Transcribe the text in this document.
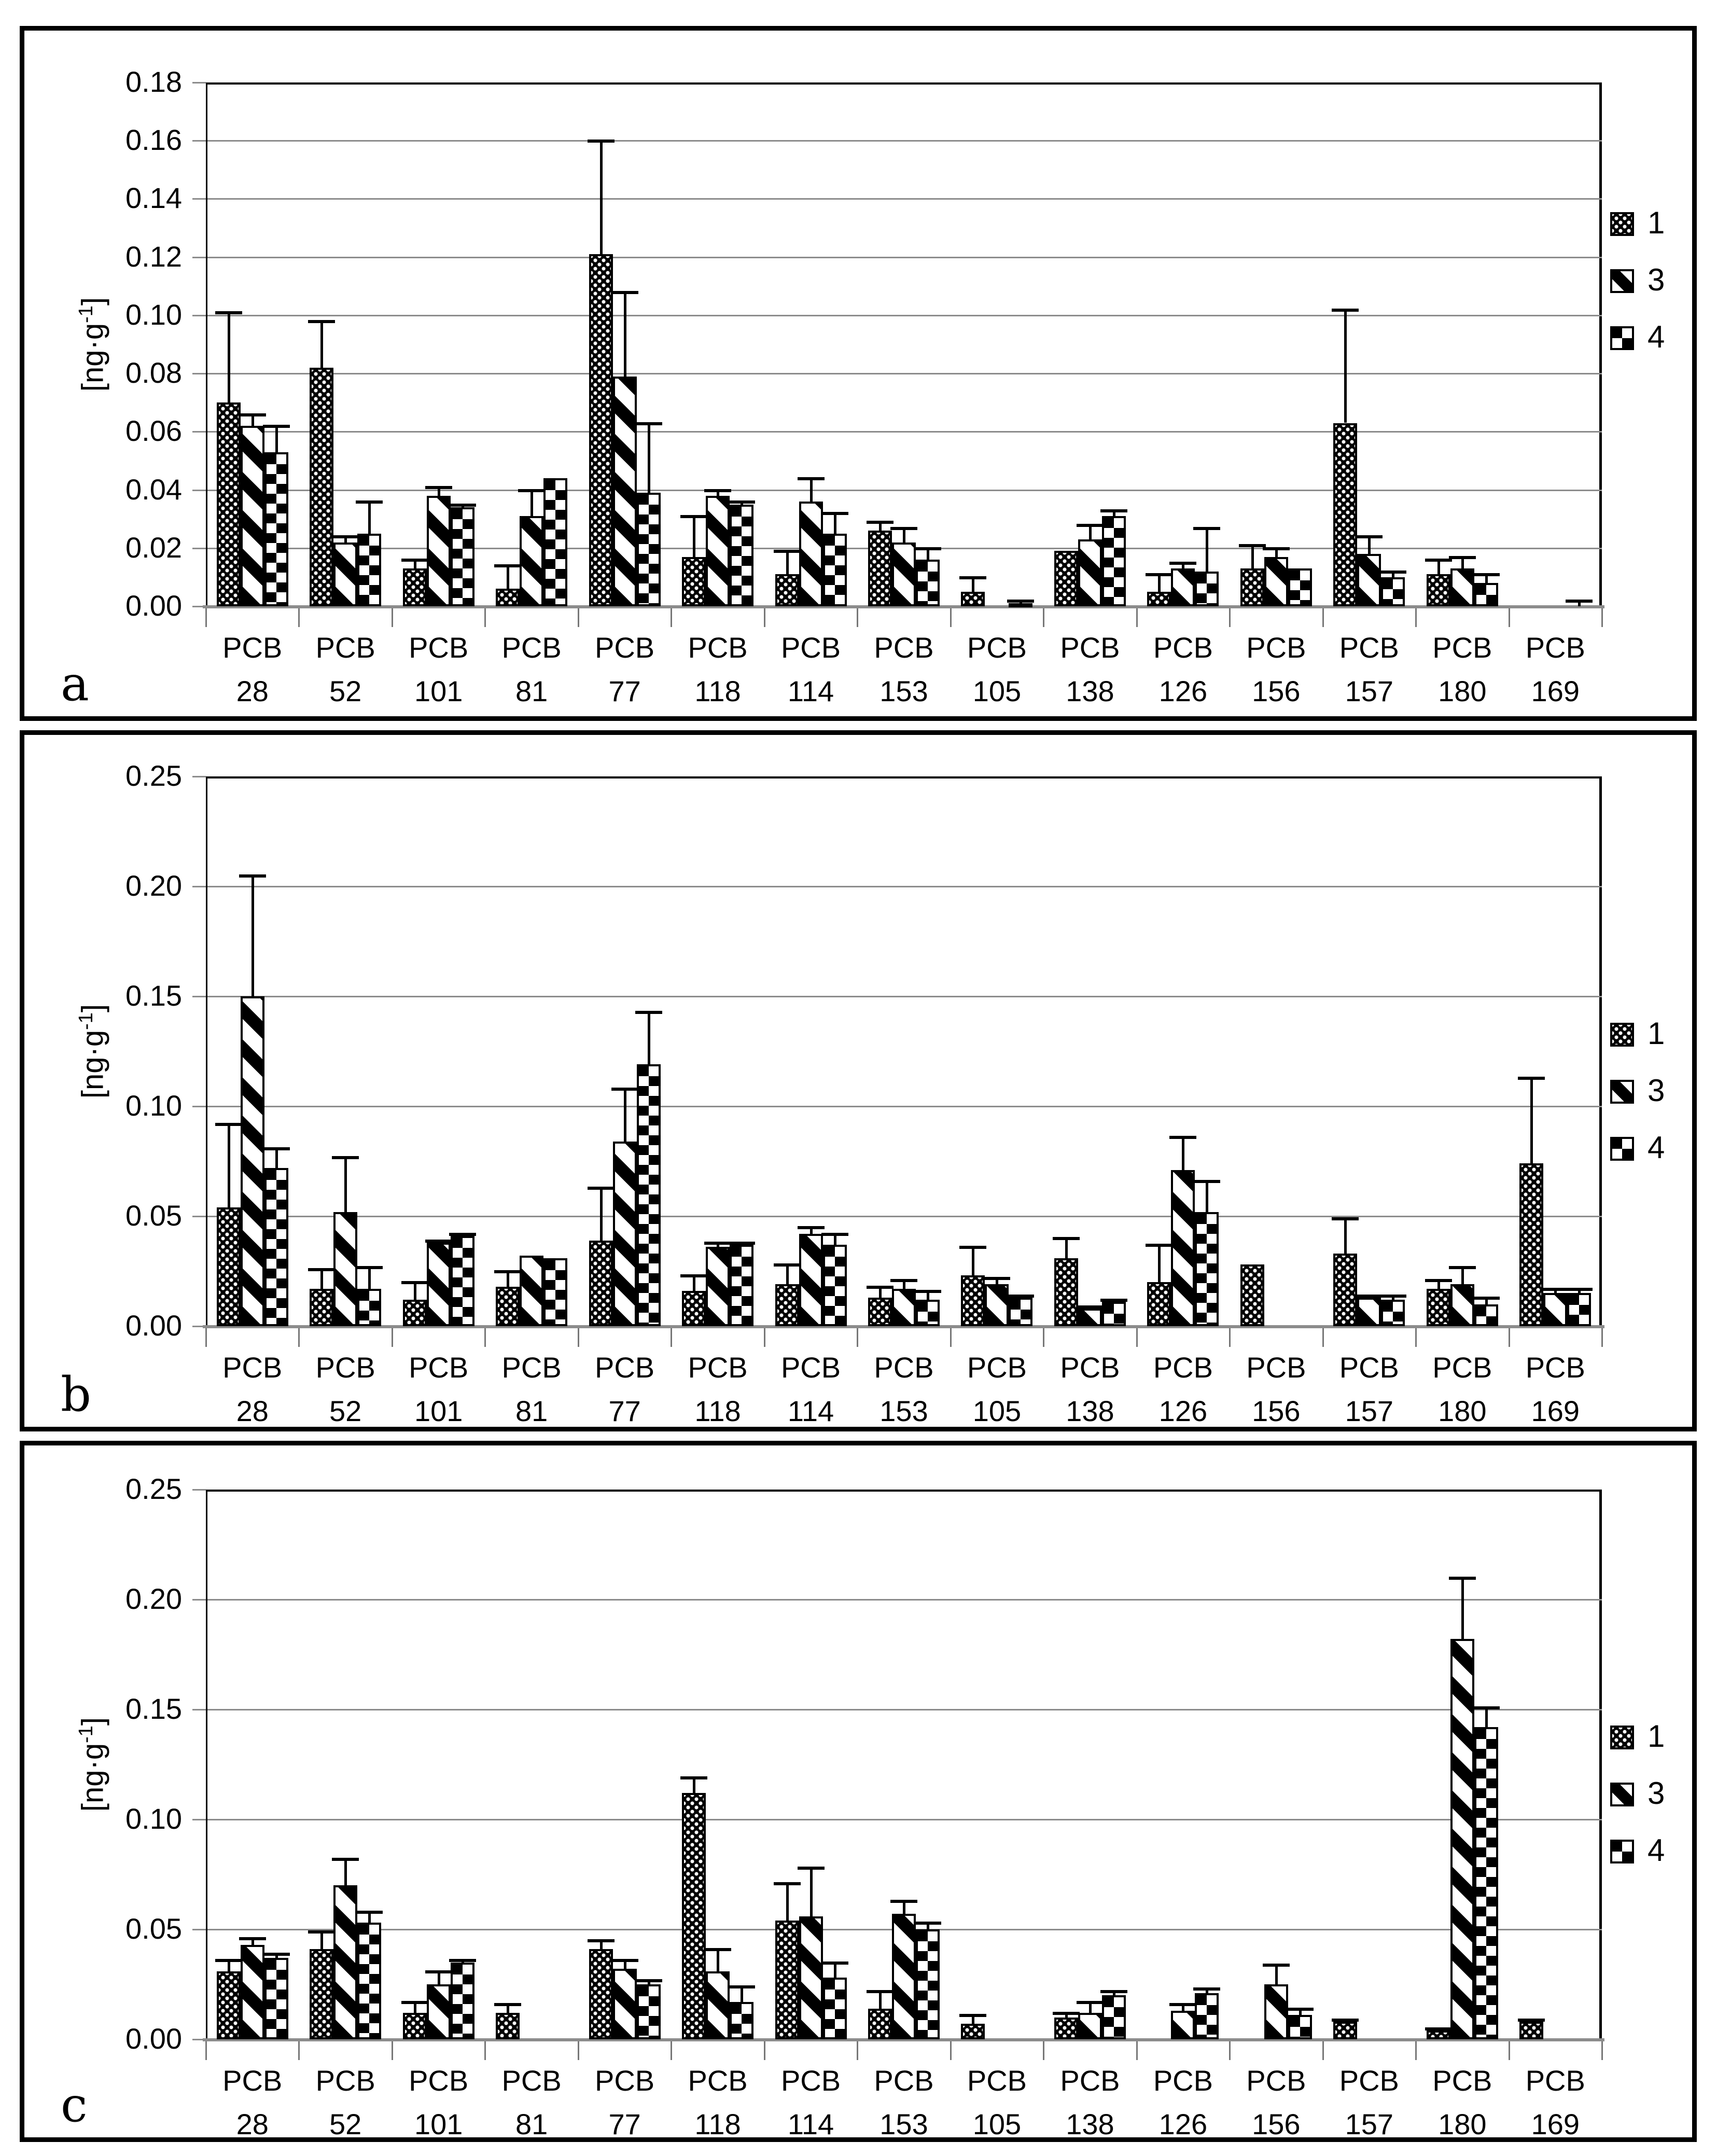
a
0.00
0.02
0.04
0.06
0.08
0.10
0.12
0.14
0.16
0.18
PCB
28
PCB
52
PCB
101
PCB
81
PCB
77
PCB
118
PCB
114
PCB
153
PCB
105
PCB
138
PCB
126
PCB
156
PCB
157
PCB
180
PCB
169
1
3
4
$[ng\cdot g^{-1}]$
b
0.00
0.05
0.10
0.15
0.20
0.25
PCB
28
PCB
52
PCB
101
PCB
81
PCB
77
PCB
118
PCB
114
PCB
153
PCB
105
PCB
138
PCB
126
PCB
156
PCB
157
PCB
180
PCB
169
1
3
4
$[ng\cdot g^{-1}]$
c
0.00
0.05
0.10
0.15
0.20
0.25
PCB
28
PCB
52
PCB
101
PCB
81
PCB
77
PCB
118
PCB
114
PCB
153
PCB
105
PCB
138
PCB
126
PCB
156
PCB
157
PCB
180
PCB
169
1
3
4
$[ng\cdot g^{-1}]$
